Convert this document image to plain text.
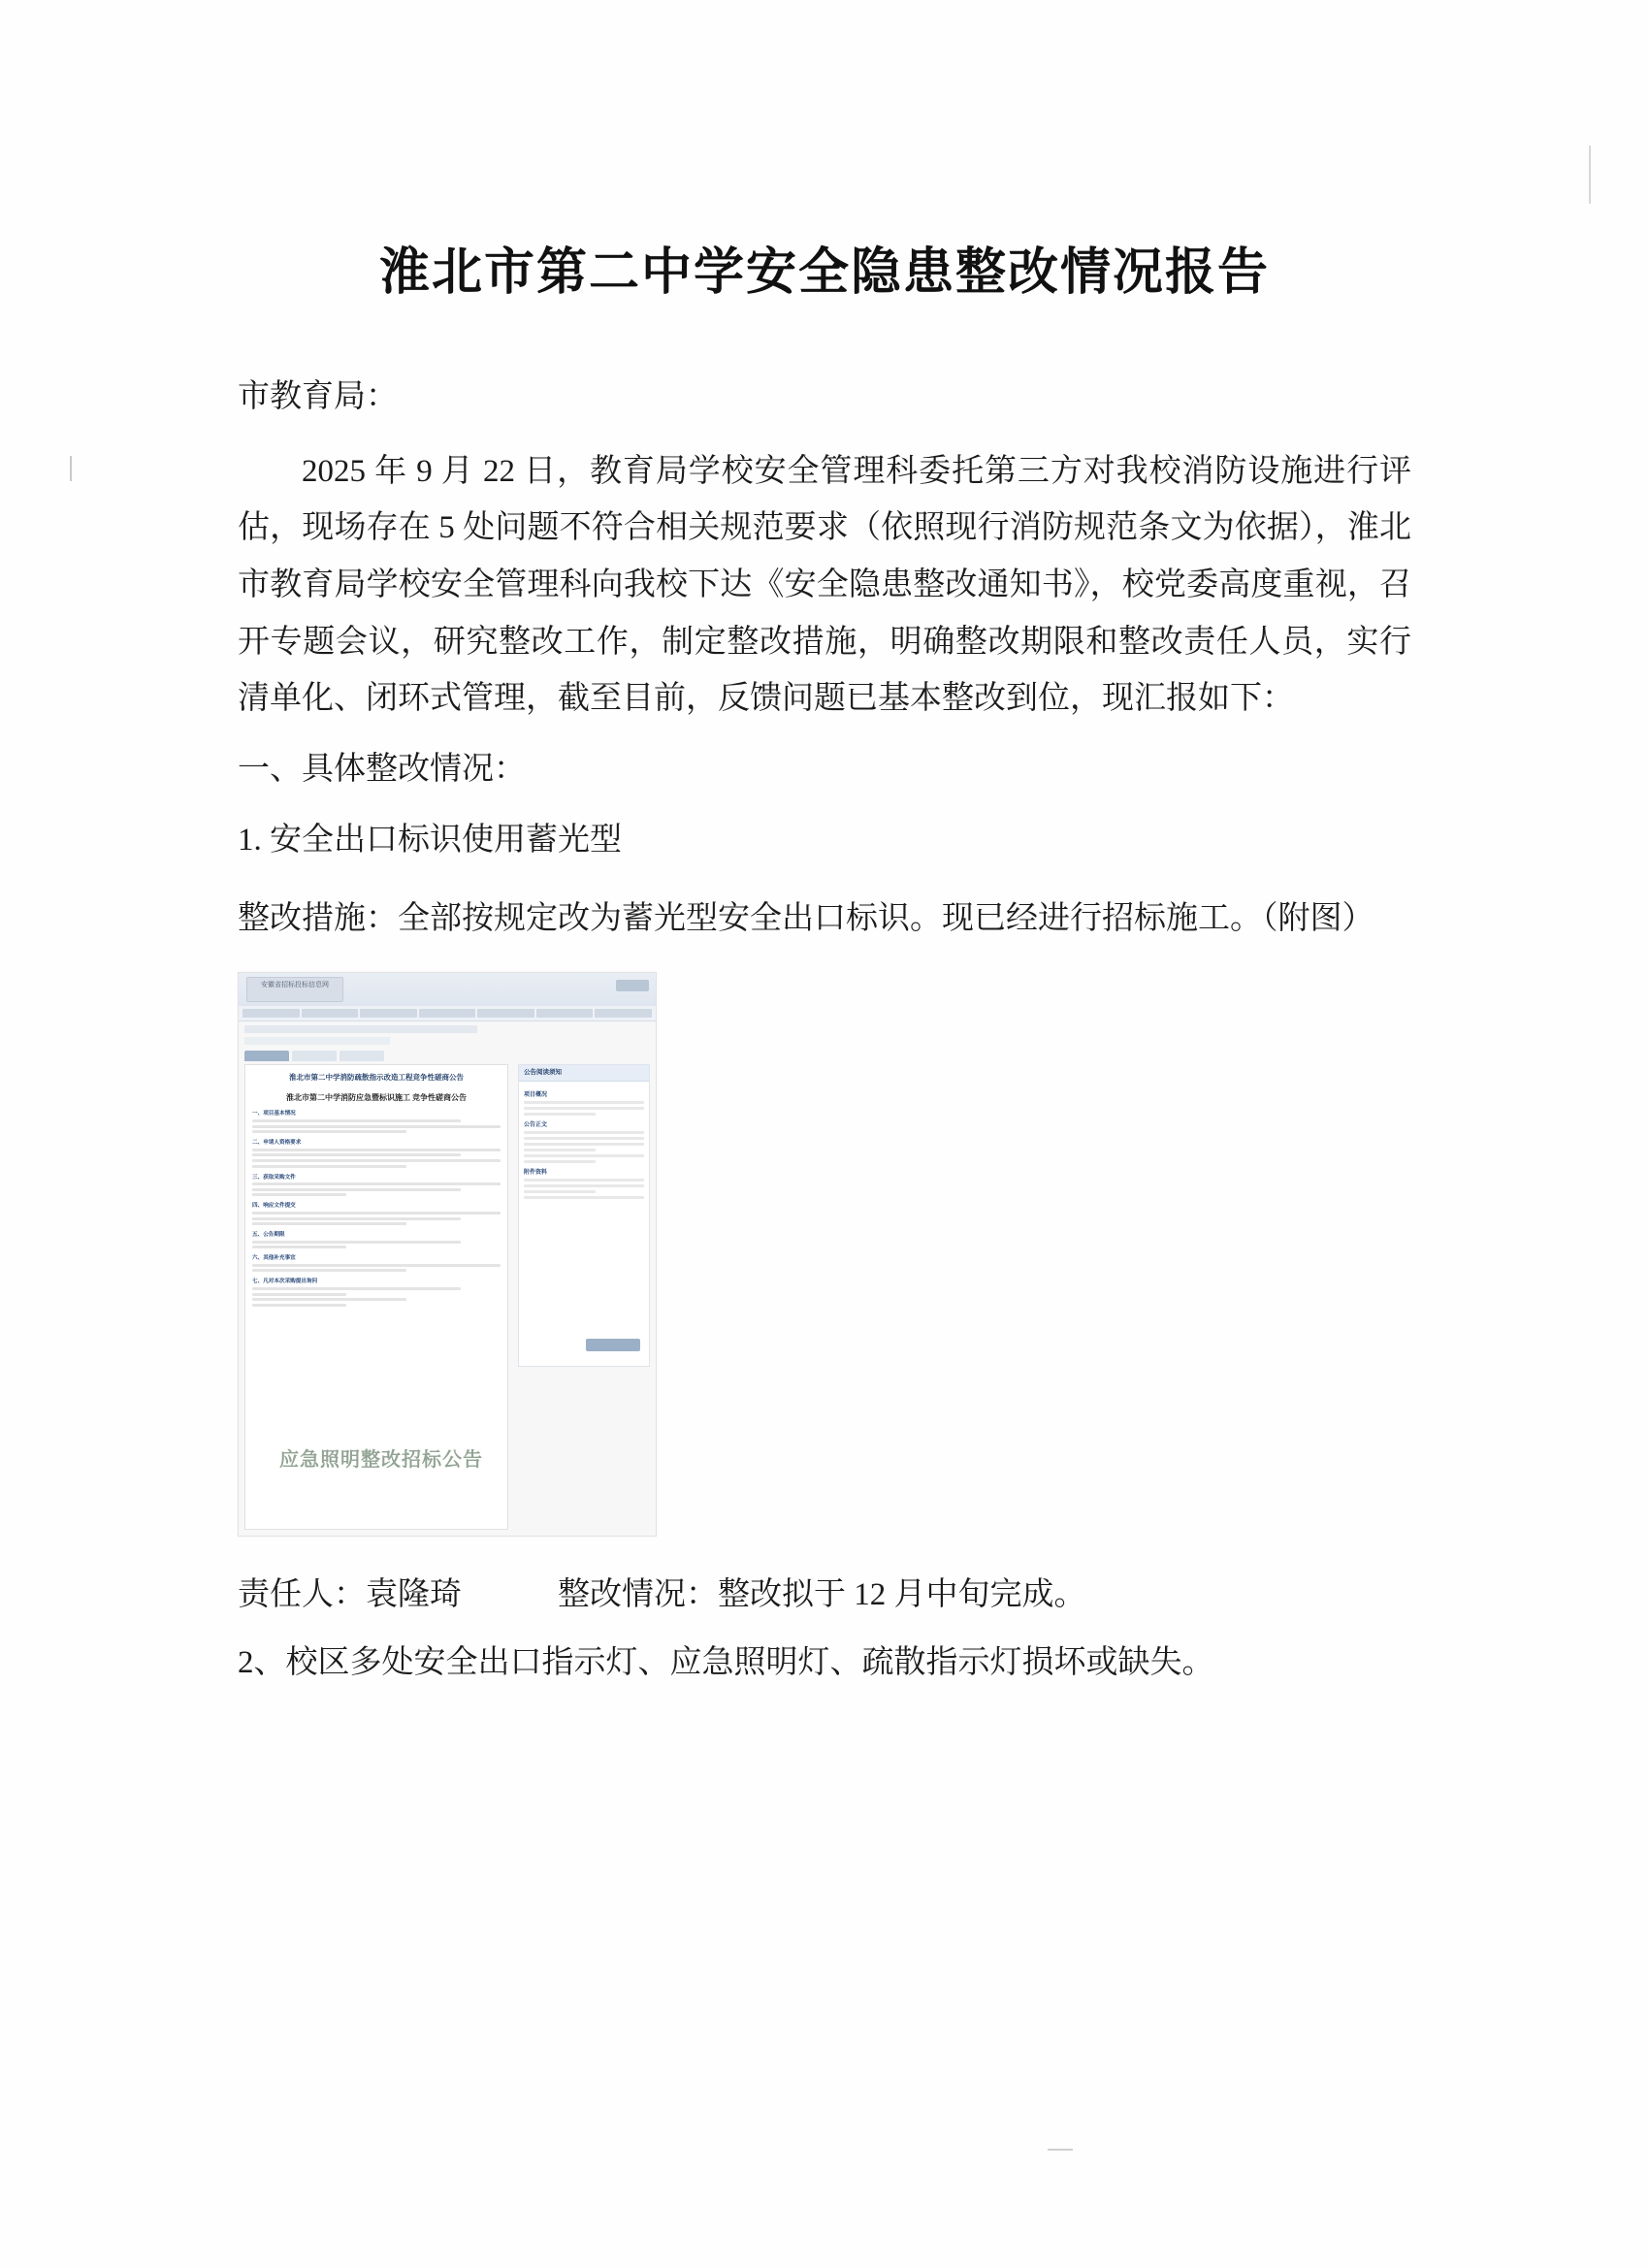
淮北市第二中学安全隐患整改情况报告
市教育局：
2025 年 9 月 22 日，教育局学校安全管理科委托第三方对我校消防设施进行评估，现场存在 5 处问题不符合相关规范要求（依照现行消防规范条文为依据），淮北市教育局学校安全管理科向我校下达《安全隐患整改通知书》，校党委高度重视，召开专题会议，研究整改工作，制定整改措施，明确整改期限和整改责任人员，实行清单化、闭环式管理，截至目前，反馈问题已基本整改到位，现汇报如下：
一、具体整改情况：
1. 安全出口标识使用蓄光型
整改措施：全部按规定改为蓄光型安全出口标识。现已经进行招标施工。（附图）
安徽省招标投标信息网
淮北市第二中学消防疏散指示改造工程竞争性磋商公告
淮北市第二中学消防应急暨标识施工 竞争性磋商公告
一、项目基本情况
二、申请人资格要求
三、获取采购文件
四、响应文件提交
五、公告期限
六、其他补充事宜
七、凡对本次采购提出询问
公告阅读须知
项目概况
公告正文
附件资料
应急照明整改招标公告
责任人：袁隆琦	整改情况：整改拟于 12 月中旬完成。
2、校区多处安全出口指示灯、应急照明灯、疏散指示灯损坏或缺失。
